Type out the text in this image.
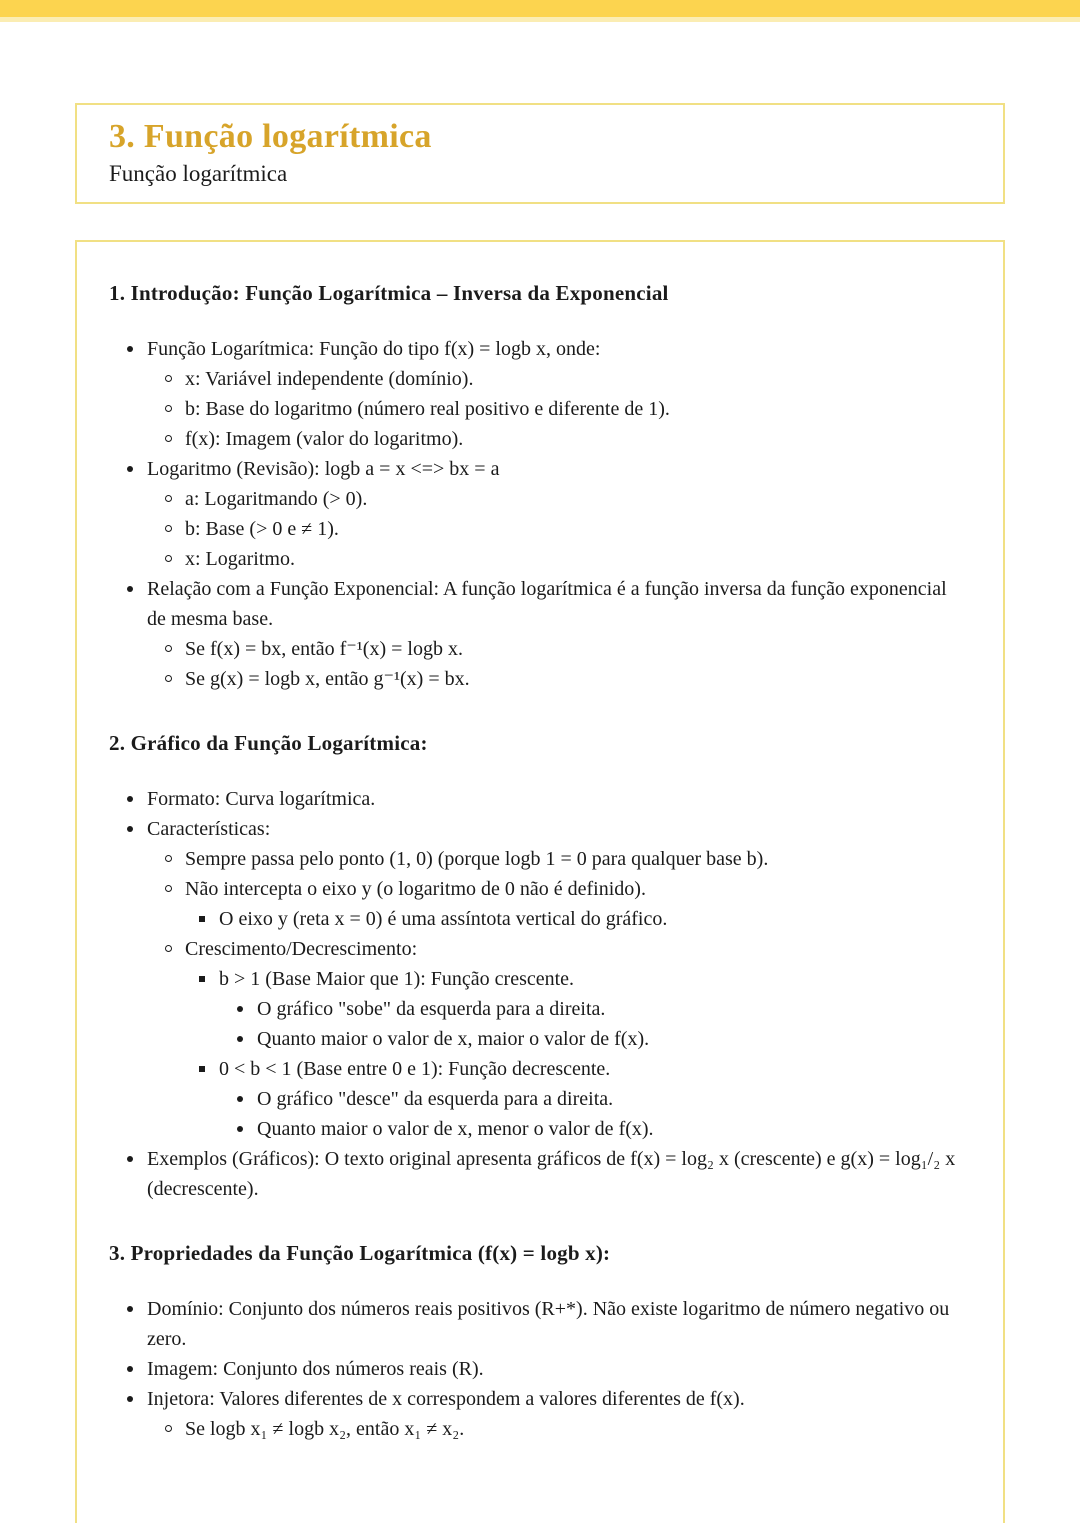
3. Função logarítmica
Função logarítmica
1. Introdução: Função Logarítmica – Inversa da Exponencial
Função Logarítmica: Função do tipo f(x) = logb x, onde:
x: Variável independente (domínio).
b: Base do logaritmo (número real positivo e diferente de 1).
f(x): Imagem (valor do logaritmo).
Logaritmo (Revisão): logb a = x <=> bx = a
a: Logaritmando (> 0).
b: Base (> 0 e ≠ 1).
x: Logaritmo.
Relação com a Função Exponencial: A função logarítmica é a função inversa da função exponencial de mesma base.
Se f(x) = bx, então f⁻¹(x) = logb x.
Se g(x) = logb x, então g⁻¹(x) = bx.
2. Gráfico da Função Logarítmica:
Formato: Curva logarítmica.
Características:
Sempre passa pelo ponto (1, 0) (porque logb 1 = 0 para qualquer base b).
Não intercepta o eixo y (o logaritmo de 0 não é definido).
O eixo y (reta x = 0) é uma assíntota vertical do gráfico.
Crescimento/Decrescimento:
b > 1 (Base Maior que 1): Função crescente.
O gráfico "sobe" da esquerda para a direita.
Quanto maior o valor de x, maior o valor de f(x).
0 < b < 1 (Base entre 0 e 1): Função decrescente.
O gráfico "desce" da esquerda para a direita.
Quanto maior o valor de x, menor o valor de f(x).
Exemplos (Gráficos): O texto original apresenta gráficos de f(x) = log₂ x (crescente) e g(x) = log₁/₂ x (decrescente).
3. Propriedades da Função Logarítmica (f(x) = logb x):
Domínio: Conjunto dos números reais positivos (R+*). Não existe logaritmo de número negativo ou zero.
Imagem: Conjunto dos números reais (R).
Injetora: Valores diferentes de x correspondem a valores diferentes de f(x).
Se logb x₁ ≠ logb x₂, então x₁ ≠ x₂.
